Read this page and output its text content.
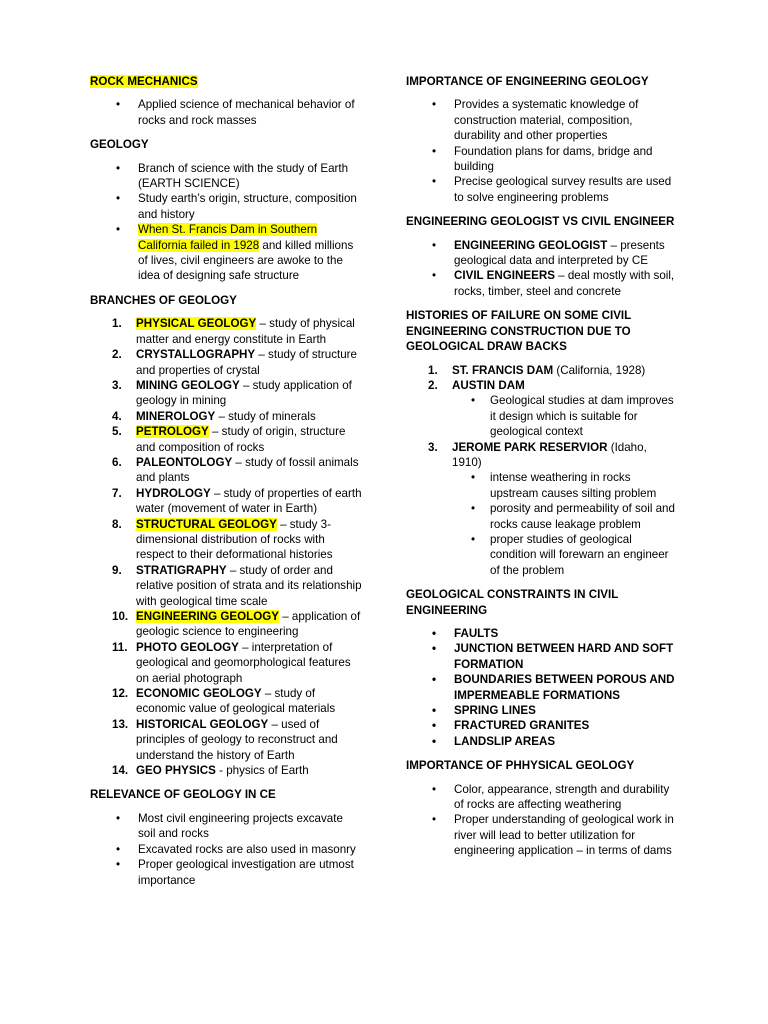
ROCK MECHANICS
• Applied science of mechanical behavior of rocks and rock masses
GEOLOGY
• Branch of science with the study of Earth (EARTH SCIENCE)
• Study earth’s origin, structure, composition and history
• When St. Francis Dam in Southern California failed in 1928 and killed millions of lives, civil engineers are awoke to the idea of designing safe structure
BRANCHES OF GEOLOGY
1. PHYSICAL GEOLOGY – study of physical matter and energy constitute in Earth
2. CRYSTALLOGRAPHY – study of structure and properties of crystal
3. MINING GEOLOGY – study application of geology in mining
4. MINEROLOGY – study of minerals
5. PETROLOGY – study of origin, structure and composition of rocks
6. PALEONTOLOGY – study of fossil animals and plants
7. HYDROLOGY – study of properties of earth water (movement of water in Earth)
8. STRUCTURAL GEOLOGY – study 3-dimensional distribution of rocks with respect to their deformational histories
9. STRATIGRAPHY – study of order and relative position of strata and its relationship with geological time scale
10. ENGINEERING GEOLOGY – application of geologic science to engineering
11. PHOTO GEOLOGY – interpretation of geological and geomorphological features on aerial photograph
12. ECONOMIC GEOLOGY – study of economic value of geological materials
13. HISTORICAL GEOLOGY – used of principles of geology to reconstruct and understand the history of Earth
14. GEO PHYSICS - physics of Earth
RELEVANCE OF GEOLOGY IN CE
• Most civil engineering projects excavate soil and rocks
• Excavated rocks are also used in masonry
• Proper geological investigation are utmost importance
IMPORTANCE OF ENGINEERING GEOLOGY
• Provides a systematic knowledge of construction material, composition, durability and other properties
• Foundation plans for dams, bridge and building
• Precise geological survey results are used to solve engineering problems
ENGINEERING GEOLOGIST VS CIVIL ENGINEER
• ENGINEERING GEOLOGIST – presents geological data and interpreted by CE
• CIVIL ENGINEERS – deal mostly with soil, rocks, timber, steel and concrete
HISTORIES OF FAILURE ON SOME CIVIL ENGINEERING CONSTRUCTION DUE TO GEOLOGICAL DRAW BACKS
1. ST. FRANCIS DAM (California, 1928)
2. AUSTIN DAM
• Geological studies at dam improves it design which is suitable for geological context
3. JEROME PARK RESERVIOR (Idaho, 1910)
• intense weathering in rocks upstream causes silting problem
• porosity and permeability of soil and rocks cause leakage problem
• proper studies of geological condition will forewarn an engineer of the problem
GEOLOGICAL CONSTRAINTS IN CIVIL ENGINEERING
• FAULTS
• JUNCTION BETWEEN HARD AND SOFT FORMATION
• BOUNDARIES BETWEEN POROUS AND IMPERMEABLE FORMATIONS
• SPRING LINES
• FRACTURED GRANITES
• LANDSLIP AREAS
IMPORTANCE OF PHHYSICAL GEOLOGY
• Color, appearance, strength and durability of rocks are affecting weathering
• Proper understanding of geological work in river will lead to better utilization for engineering application – in terms of dams
